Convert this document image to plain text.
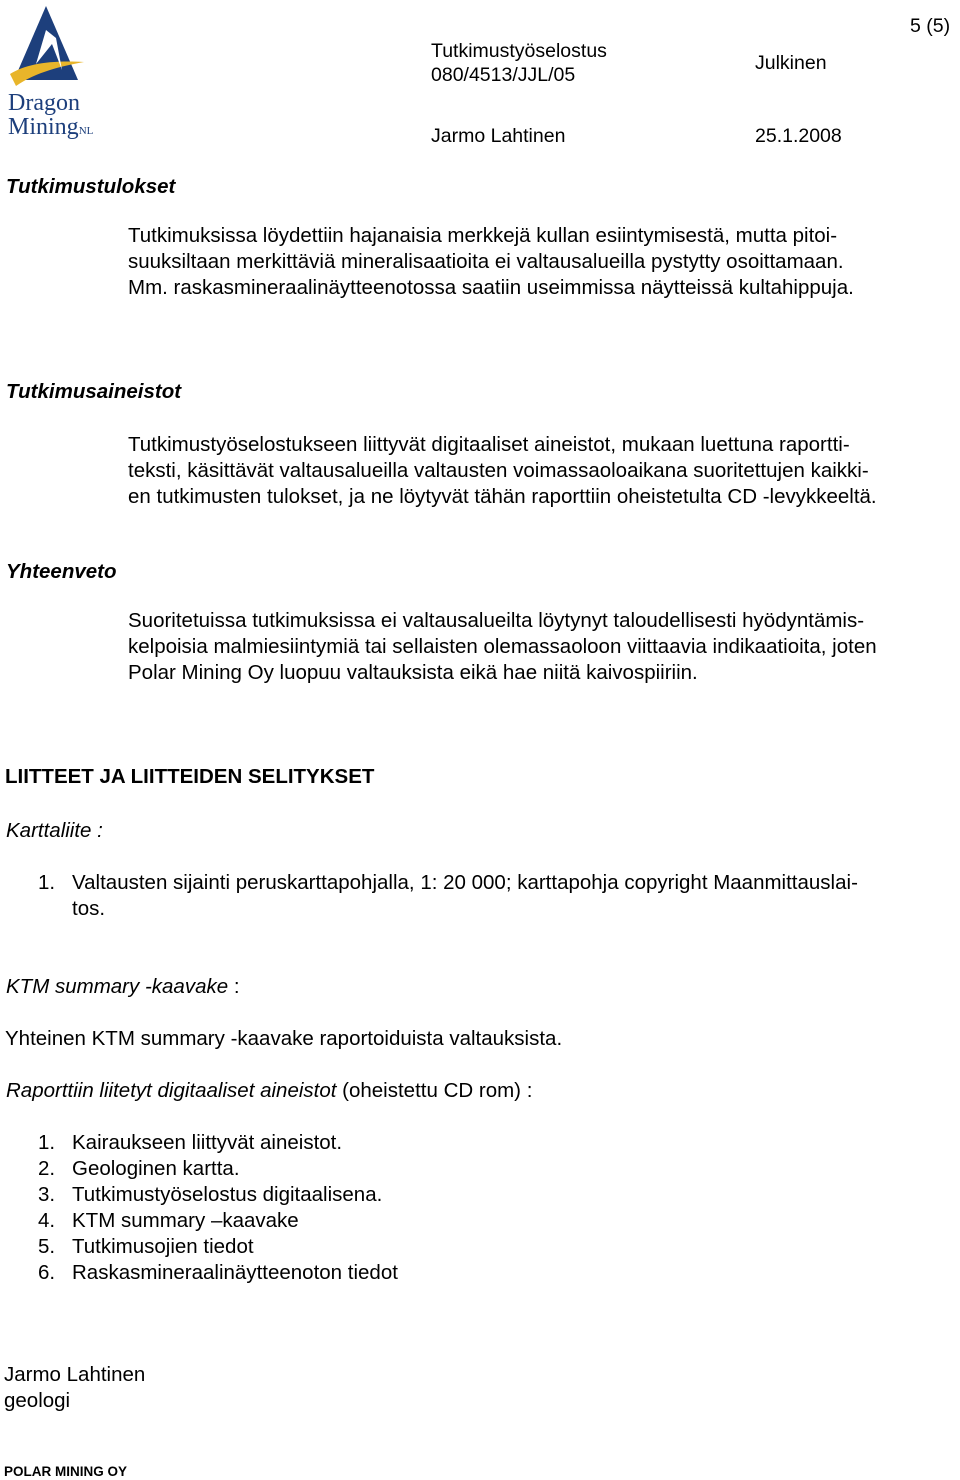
Dragon
MiningNL
Tutkimustyöselostus
080/4513/JJL/05
Julkinen
5 (5)
Jarmo Lahtinen	25.1.2008
Tutkimustulokset
Tutkimuksissa löydettiin hajanaisia merkkejä kullan esiintymisestä, mutta pitoi-
suuksiltaan merkittäviä mineralisaatioita ei valtausalueilla pystytty osoittamaan.
Mm. raskasmineraalinäytteenotossa saatiin useimmissa näytteissä kultahippuja.
Tutkimusaineistot
Tutkimustyöselostukseen liittyvät digitaaliset aineistot, mukaan luettuna raportti-
teksti, käsittävät valtausalueilla valtausten voimassaoloaikana suoritettujen kaikki-
en tutkimusten tulokset, ja ne löytyvät tähän raporttiin oheistetulta CD -levykkeeltä.
Yhteenveto
Suoritetuissa tutkimuksissa ei valtausalueilta löytynyt taloudellisesti hyödyntämis-
kelpoisia malmiesiintymiä tai sellaisten olemassaoloon viittaavia indikaatioita, joten
Polar Mining Oy luopuu valtauksista eikä hae niitä kaivospiiriin.
LIITTEET JA LIITTEIDEN SELITYKSET
Karttaliite :
1. Valtausten sijainti peruskarttapohjalla, 1: 20 000; karttapohja copyright Maanmittauslai-
tos.
KTM summary -kaavake :
Yhteinen KTM summary -kaavake raportoiduista valtauksista.
Raporttiin liitetyt digitaaliset aineistot (oheistettu CD rom) :
1. Kairaukseen liittyvät aineistot.
2. Geologinen kartta.
3. Tutkimustyöselostus digitaalisena.
4. KTM summary –kaavake
5. Tutkimusojien tiedot
6. Raskasmineraalinäytteenoton tiedot
Jarmo Lahtinen
geologi
POLAR MINING OY
